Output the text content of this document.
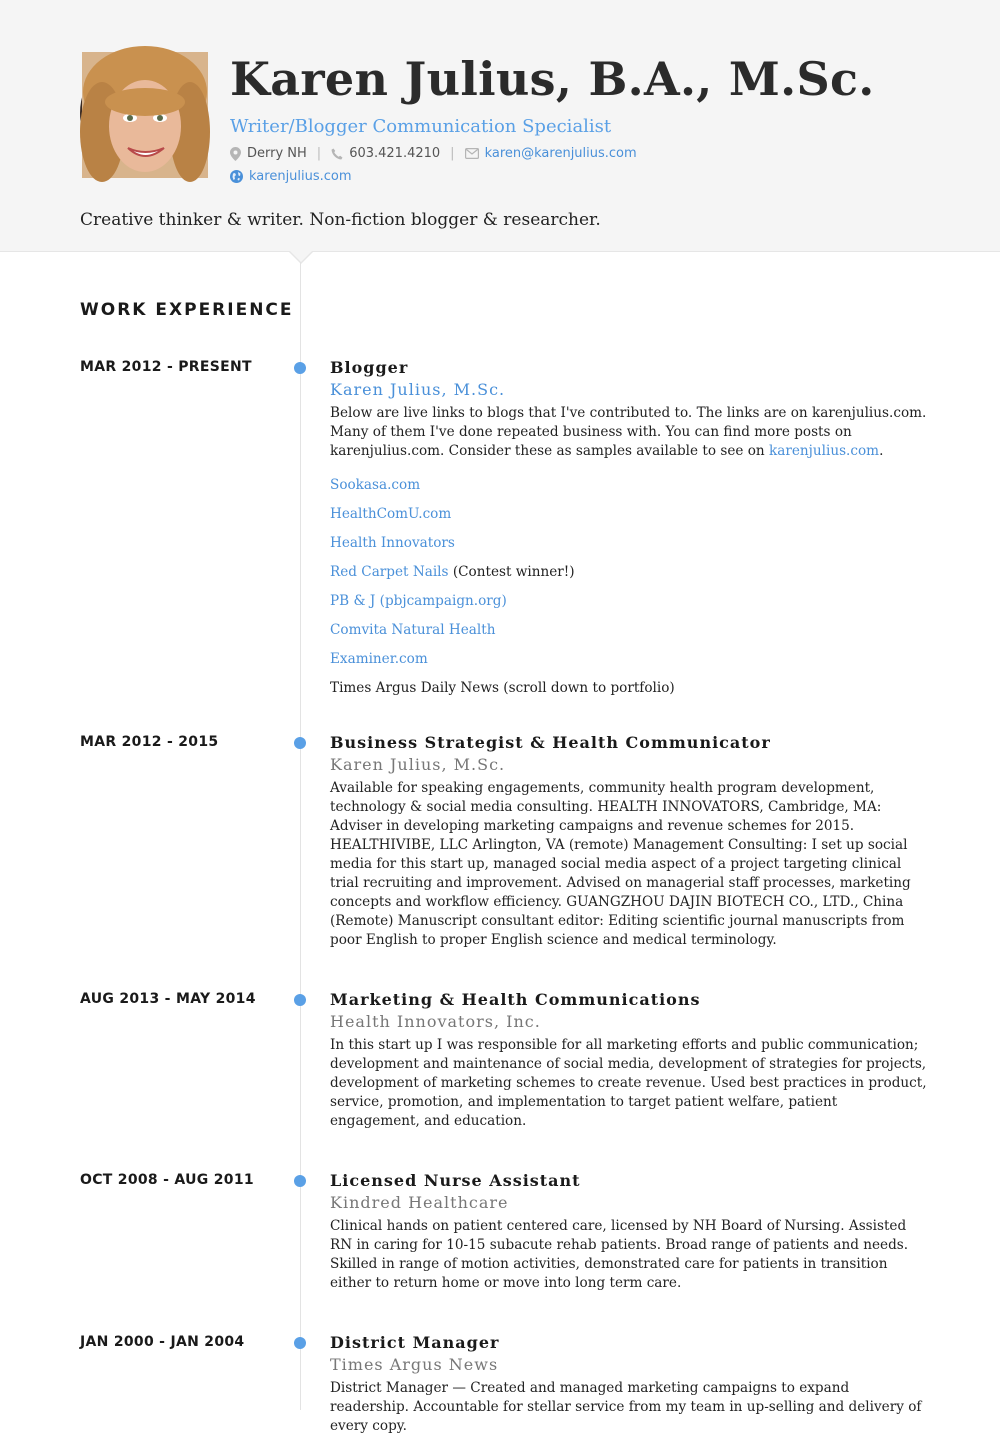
Karen Julius, B.A., M.Sc.
Writer/Blogger Communication Specialist
Derry NH | 603.421.4210 | karen@karenjulius.com
karenjulius.com
Creative thinker & writer. Non-fiction blogger & researcher.
WORK EXPERIENCE
MAR 2012 - PRESENT	Blogger
Karen Julius, M.Sc.
Below are live links to blogs that I've contributed to. The links are on karenjulius.com. Many of them I've done repeated business with. You can find more posts on karenjulius.com. Consider these as samples available to see on karenjulius.com.
Sookasa.com
HealthComU.com
Health Innovators
Red Carpet Nails (Contest winner!)
PB & J (pbjcampaign.org)
Comvita Natural Health
Examiner.com
Times Argus Daily News (scroll down to portfolio)
MAR 2012 - 2015	Business Strategist & Health Communicator
Karen Julius, M.Sc.
Available for speaking engagements, community health program development, technology & social media consulting. HEALTH INNOVATORS, Cambridge, MA: Adviser in developing marketing campaigns and revenue schemes for 2015. HEALTHIVIBE, LLC Arlington, VA (remote) Management Consulting: I set up social media for this start up, managed social media aspect of a project targeting clinical trial recruiting and improvement. Advised on managerial staff processes, marketing concepts and workflow efficiency. GUANGZHOU DAJIN BIOTECH CO., LTD., China (Remote) Manuscript consultant editor: Editing scientific journal manuscripts from poor English to proper English science and medical terminology.
AUG 2013 - MAY 2014	Marketing & Health Communications
Health Innovators, Inc.
In this start up I was responsible for all marketing efforts and public communication; development and maintenance of social media, development of strategies for projects, development of marketing schemes to create revenue. Used best practices in product, service, promotion, and implementation to target patient welfare, patient engagement, and education.
OCT 2008 - AUG 2011	Licensed Nurse Assistant
Kindred Healthcare
Clinical hands on patient centered care, licensed by NH Board of Nursing. Assisted RN in caring for 10-15 subacute rehab patients. Broad range of patients and needs. Skilled in range of motion activities, demonstrated care for patients in transition either to return home or move into long term care.
JAN 2000 - JAN 2004	District Manager
Times Argus News
District Manager — Created and managed marketing campaigns to expand readership. Accountable for stellar service from my team in up-selling and delivery of every copy.
